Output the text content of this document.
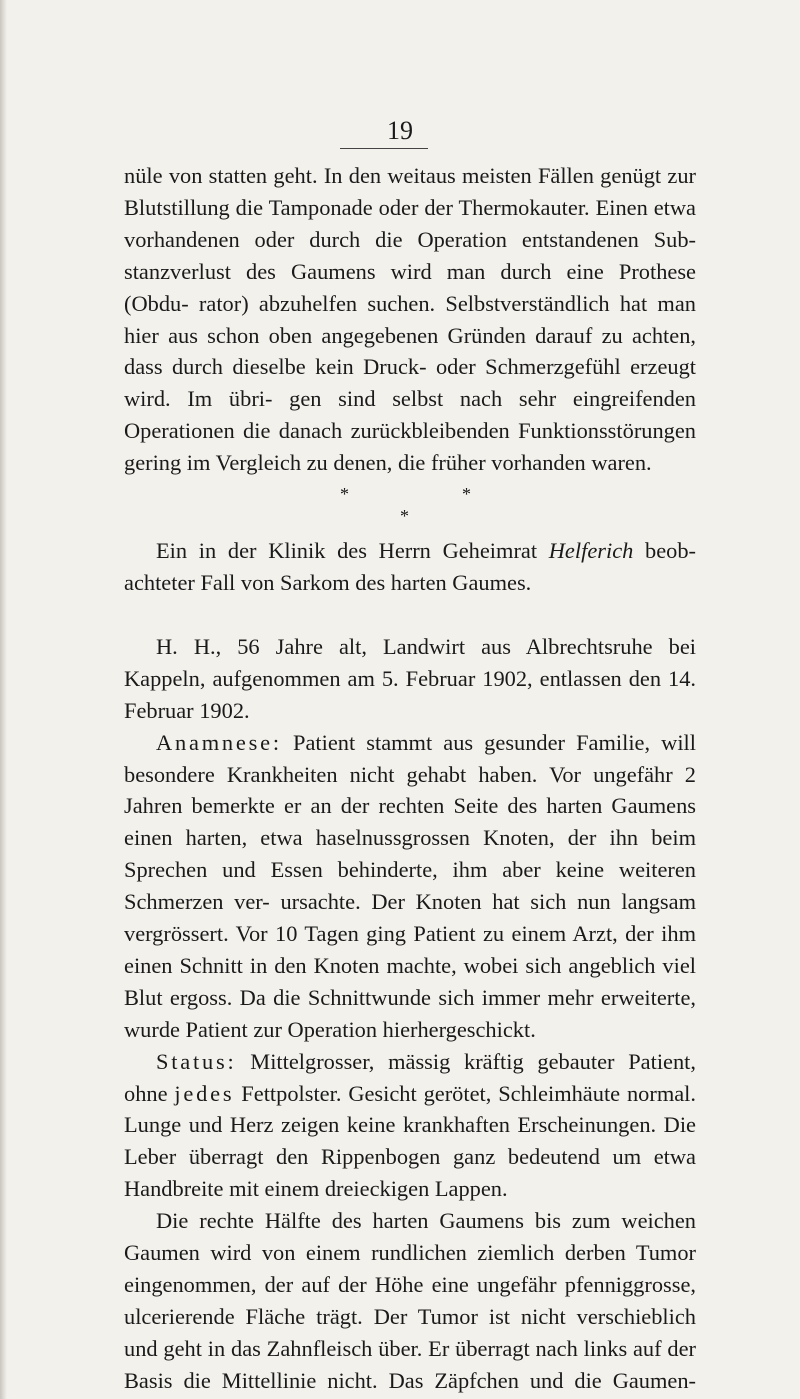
19

nüle von statten geht. In den weitaus meisten Fällen genügt zur Blutstillung die Tamponade oder der Thermokauter. Einen etwa vorhandenen oder durch die Operation entstandenen Sub- stanzverlust des Gaumens wird man durch eine Prothese (Obdu- rator) abzuhelfen suchen. Selbstverständlich hat man hier aus schon oben angegebenen Gründen darauf zu achten, dass durch dieselbe kein Druck- oder Schmerzgefühl erzeugt wird. Im übri- gen sind selbst nach sehr eingreifenden Operationen die danach zurückbleibenden Funktionsstörungen gering im Vergleich zu denen, die früher vorhanden waren.

*	*
*

Ein in der Klinik des Herrn Geheimrat Helferich beob- achteter Fall von Sarkom des harten Gaumes.

H. H., 56 Jahre alt, Landwirt aus Albrechtsruhe bei Kappeln, aufgenommen am 5. Februar 1902, entlassen den 14. Februar 1902.

Anamnese: Patient stammt aus gesunder Familie, will besondere Krankheiten nicht gehabt haben. Vor ungefähr 2 Jahren bemerkte er an der rechten Seite des harten Gaumens einen harten, etwa haselnussgrossen Knoten, der ihn beim Sprechen und Essen behinderte, ihm aber keine weiteren Schmerzen ver- ursachte. Der Knoten hat sich nun langsam vergrössert. Vor 10 Tagen ging Patient zu einem Arzt, der ihm einen Schnitt in den Knoten machte, wobei sich angeblich viel Blut ergoss. Da die Schnittwunde sich immer mehr erweiterte, wurde Patient zur Operation hierhergeschickt.

Status: Mittelgrosser, mässig kräftig gebauter Patient, ohne jedes Fettpolster. Gesicht gerötet, Schleimhäute normal. Lunge und Herz zeigen keine krankhaften Erscheinungen. Die Leber überragt den Rippenbogen ganz bedeutend um etwa Handbreite mit einem dreieckigen Lappen.

Die rechte Hälfte des harten Gaumens bis zum weichen Gaumen wird von einem rundlichen ziemlich derben Tumor eingenommen, der auf der Höhe eine ungefähr pfenniggrosse, ulcerierende Fläche trägt. Der Tumor ist nicht verschieblich und geht in das Zahnfleisch über. Er überragt nach links auf der Basis die Mittellinie nicht. Das Zäpfchen und die Gaumen-
